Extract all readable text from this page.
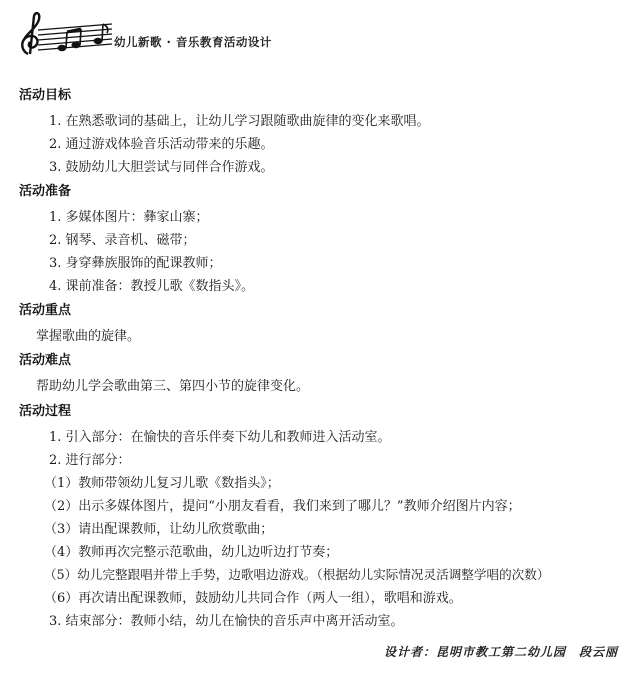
幼儿新歌 · 音乐教育活动设计
活动目标
1. 在熟悉歌词的基础上，让幼儿学习跟随歌曲旋律的变化来歌唱。
2. 通过游戏体验音乐活动带来的乐趣。
3. 鼓励幼儿大胆尝试与同伴合作游戏。
活动准备
1. 多媒体图片：彝家山寨；
2. 钢琴、录音机、磁带；
3. 身穿彝族服饰的配课教师；
4. 课前准备：教授儿歌《数指头》。
活动重点
掌握歌曲的旋律。
活动难点
帮助幼儿学会歌曲第三、第四小节的旋律变化。
活动过程
1. 引入部分：在愉快的音乐伴奏下幼儿和教师进入活动室。
2. 进行部分：
（1）教师带领幼儿复习儿歌《数指头》；
（2）出示多媒体图片，提问“小朋友看看，我们来到了哪儿？”教师介绍图片内容；
（3）请出配课教师，让幼儿欣赏歌曲；
（4）教师再次完整示范歌曲，幼儿边听边打节奏；
（5）幼儿完整跟唱并带上手势，边歌唱边游戏。（根据幼儿实际情况灵活调整学唱的次数）
（6）再次请出配课教师，鼓励幼儿共同合作（两人一组），歌唱和游戏。
3. 结束部分：教师小结，幼儿在愉快的音乐声中离开活动室。
设计者：昆明市教工第二幼儿园　段云丽
